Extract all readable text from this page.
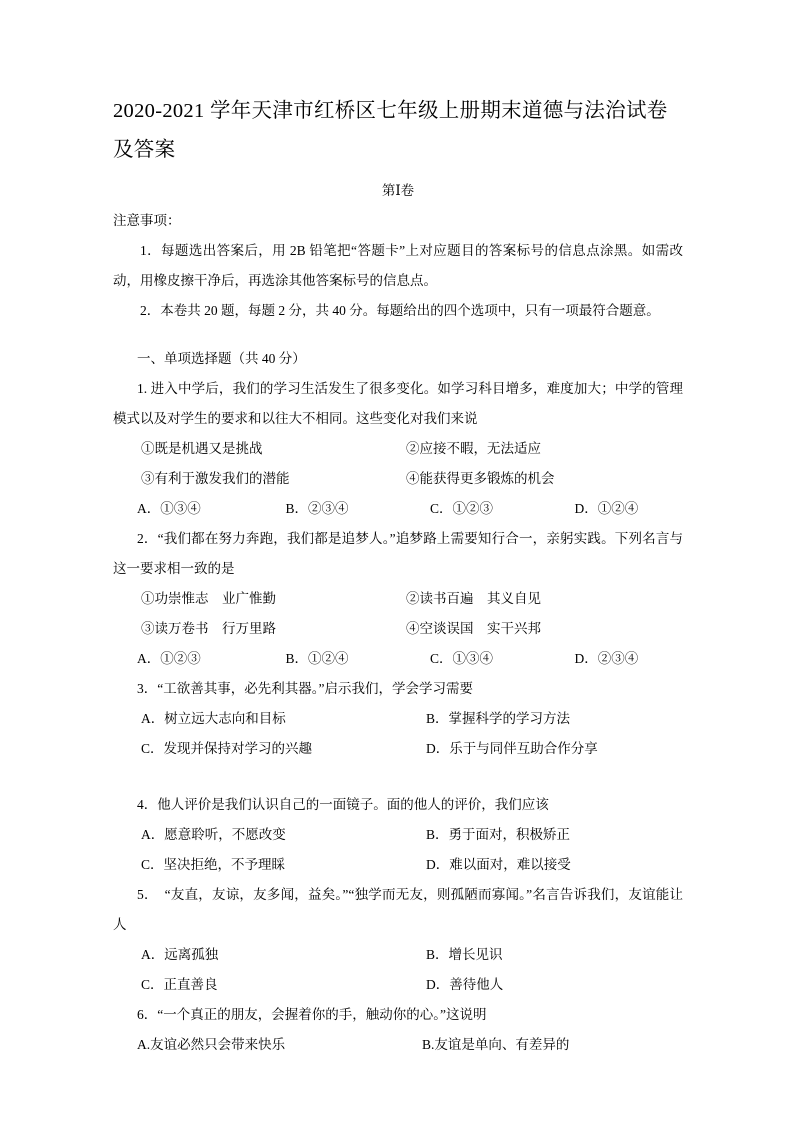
2020-2021 学年天津市红桥区七年级上册期末道德与法治试卷及答案
第Ⅰ卷

注意事项：

1．每题选出答案后，用 2B 铅笔把“答题卡”上对应题目的答案标号的信息点涂黑。如需改动，用橡皮擦干净后，再选涂其他答案标号的信息点。

2．本卷共 20 题，每题 2 分，共 40 分。每题给出的四个选项中，只有一项最符合题意。

一、单项选择题（共 40 分）

1. 进入中学后，我们的学习生活发生了很多变化。如学习科目增多，难度加大；中学的管理模式以及对学生的要求和以往大不相同。这些变化对我们来说

①既是机遇又是挑战	②应接不暇，无法适应
③有利于激发我们的潜能	④能获得更多锻炼的机会
A．①③④	B．②③④	C．①②③	D．①②④

2．“我们都在努力奔跑，我们都是追梦人。”追梦路上需要知行合一，亲躬实践。下列名言与这一要求相一致的是

①功崇惟志　业广惟勤	②读书百遍　其义自见
③读万卷书　行万里路	④空谈误国　实干兴邦
A．①②③	B．①②④	C．①③④	D．②③④

3．“工欲善其事，必先利其器。”启示我们，学会学习需要

A．树立远大志向和目标	B．掌握科学的学习方法
C．发现并保持对学习的兴趣	D．乐于与同伴互助合作分享

4．他人评价是我们认识自己的一面镜子。面的他人的评价，我们应该

A．愿意聆听，不愿改变	B．勇于面对，积极矫正
C．坚决拒绝，不予理睬	D．难以面对，难以接受

5．　“友直，友谅，友多闻，益矣。”“独学而无友，则孤陋而寡闻。”名言告诉我们，友谊能让人

A．远离孤独	B．增长见识
C．正直善良	D．善待他人

6．“一个真正的朋友，会握着你的手，触动你的心。”这说明

A.友谊必然只会带来快乐	B.友谊是单向、有差异的
